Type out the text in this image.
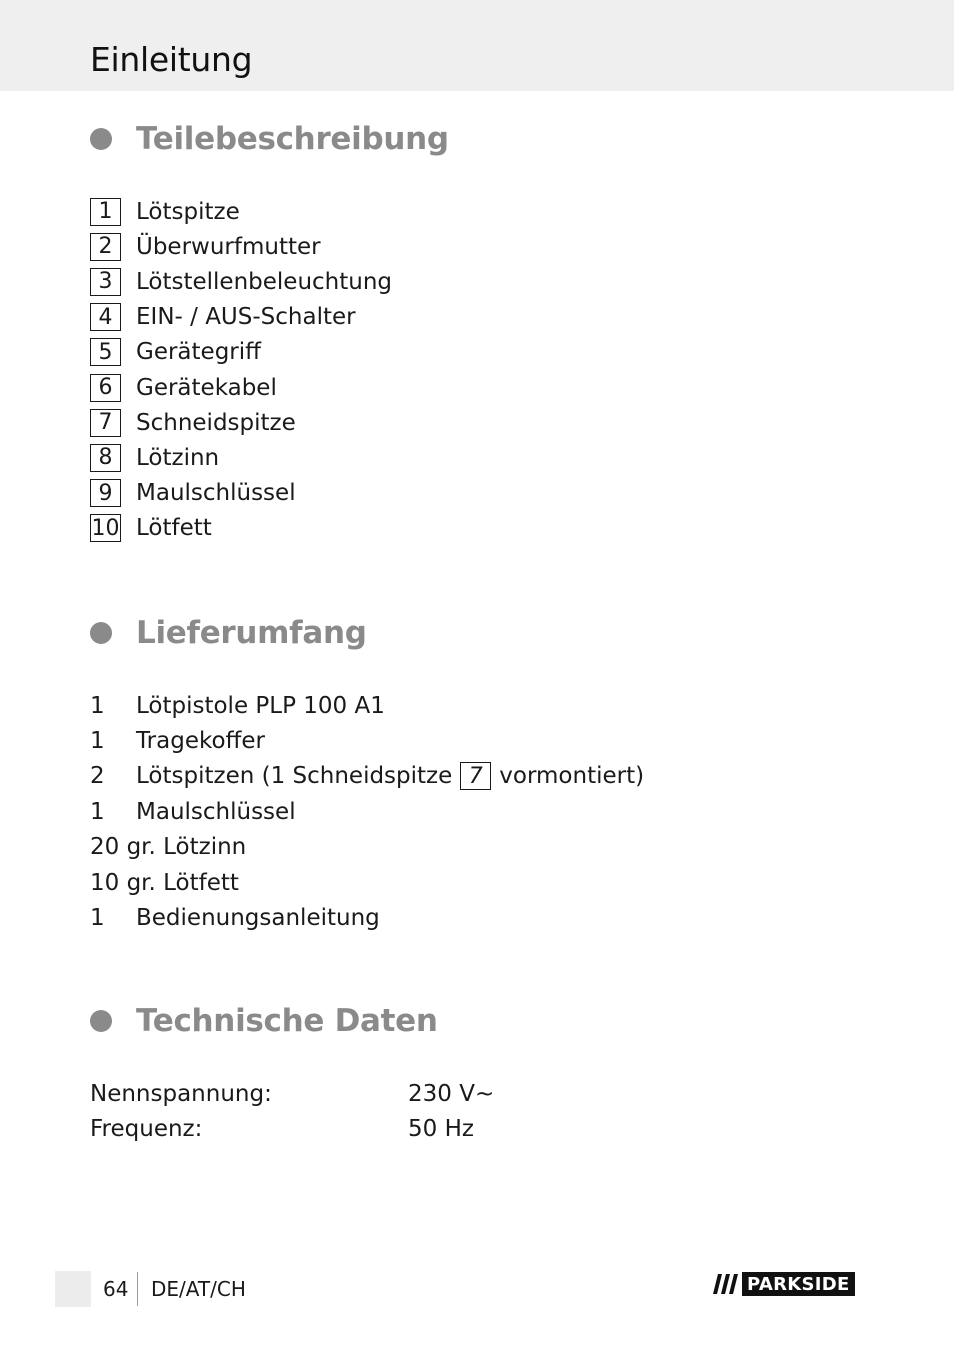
Einleitung
Teilebeschreibung
1	Lötspitze
2	Überwurfmutter
3	Lötstellenbeleuchtung
4	EIN- / AUS-Schalter
5	Gerätegriff
6	Gerätekabel
7	Schneidspitze
8	Lötzinn
9	Maulschlüssel
10 Lötfett
Lieferumfang
1	Lötpistole PLP 100 A1
1	Tragekoffer
2	Lötspitzen (1 Schneidspitze 7 vormontiert)
1	Maulschlüssel
20 gr. Lötzinn
10 gr. Lötfett
1	Bedienungsanleitung
Technische Daten
Nennspannung:	230 V~
Frequenz:	50 Hz
64 DE/AT/CH	PARKSIDE
